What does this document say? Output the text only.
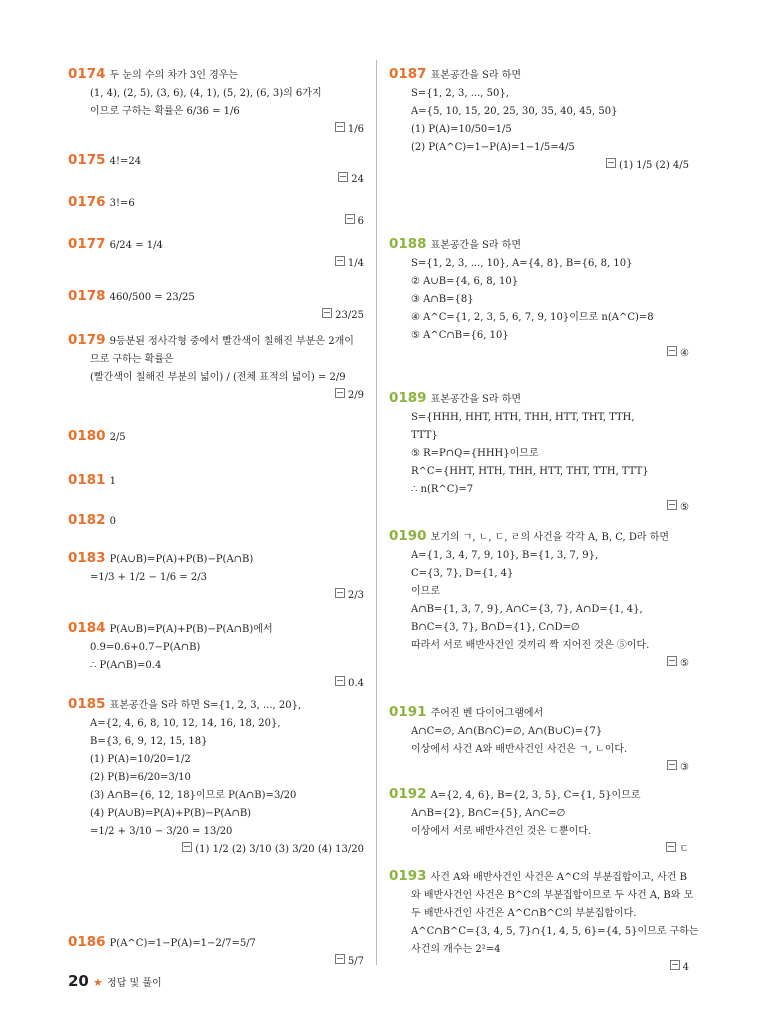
0174 두 눈의 수의 차가 3인 경우는
(1, 4), (2, 5), (3, 6), (4, 1), (5, 2), (6, 3)의 6가지
이므로 구하는 확률은 6/36 = 1/6
1/6
0175 4!=24
24
0176 3!=6
6
0177 6/24 = 1/4
1/4
0178 460/500 = 23/25
23/25
0179 9등분된 정사각형 중에서 빨간색이 칠해진 부분은 2개이
므로 구하는 확률은
(빨간색이 칠해진 부분의 넓이) / (전체 표적의 넓이) = 2/9
2/9
0180 2/5
0181 1
0182 0
0183 P(A∪B)=P(A)+P(B)−P(A∩B)
=1/3 + 1/2 − 1/6 = 2/3
2/3
0184 P(A∪B)=P(A)+P(B)−P(A∩B)에서
0.9=0.6+0.7−P(A∩B)
∴ P(A∩B)=0.4
0.4
0185 표본공간을 S라 하면 S={1, 2, 3, ..., 20},
A={2, 4, 6, 8, 10, 12, 14, 16, 18, 20},
B={3, 6, 9, 12, 15, 18}
(1) P(A)=10/20=1/2
(2) P(B)=6/20=3/10
(3) A∩B={6, 12, 18}이므로 P(A∩B)=3/20
(4) P(A∪B)=P(A)+P(B)−P(A∩B)
=1/2 + 3/10 − 3/20 = 13/20
(1) 1/2 (2) 3/10 (3) 3/20 (4) 13/20
0186 P(A^C)=1−P(A)=1−2/7=5/7
5/7
0187 표본공간을 S라 하면
S={1, 2, 3, ..., 50},
A={5, 10, 15, 20, 25, 30, 35, 40, 45, 50}
(1) P(A)=10/50=1/5
(2) P(A^C)=1−P(A)=1−1/5=4/5
(1) 1/5 (2) 4/5
0188 표본공간을 S라 하면
S={1, 2, 3, ..., 10}, A={4, 8}, B={6, 8, 10}
② A∪B={4, 6, 8, 10}
③ A∩B={8}
④ A^C={1, 2, 3, 5, 6, 7, 9, 10}이므로 n(A^C)=8
⑤ A^C∩B={6, 10}
④
0189 표본공간을 S라 하면
S={HHH, HHT, HTH, THH, HTT, THT, TTH,
TTT}
⑤ R=P∩Q={HHH}이므로
R^C={HHT, HTH, THH, HTT, THT, TTH, TTT}
∴ n(R^C)=7
⑤
0190 보기의 ㄱ, ㄴ, ㄷ, ㄹ의 사건을 각각 A, B, C, D라 하면
A={1, 3, 4, 7, 9, 10}, B={1, 3, 7, 9},
C={3, 7}, D={1, 4}
이므로
A∩B={1, 3, 7, 9}, A∩C={3, 7}, A∩D={1, 4},
B∩C={3, 7}, B∩D={1}, C∩D=∅
따라서 서로 배반사건인 것끼리 짝 지어진 것은 ⑤이다.
⑤
0191 주어진 벤 다이어그램에서
A∩C=∅, A∩(B∩C)=∅, A∩(B∪C)={7}
이상에서 사건 A와 배반사건인 사건은 ㄱ, ㄴ이다.
③
0192 A={2, 4, 6}, B={2, 3, 5}, C={1, 5}이므로
A∩B={2}, B∩C={5}, A∩C=∅
이상에서 서로 배반사건인 것은 ㄷ뿐이다.
ㄷ
0193 사건 A와 배반사건인 사건은 A^C의 부분집합이고, 사건 B
와 배반사건인 사건은 B^C의 부분집합이므로 두 사건 A, B와 모
두 배반사건인 사건은 A^C∩B^C의 부분집합이다.
A^C∩B^C={3, 4, 5, 7}∩{1, 4, 5, 6}={4, 5}이므로 구하는
사건의 개수는 2²=4
4
20 ★ 정답 및 풀이
